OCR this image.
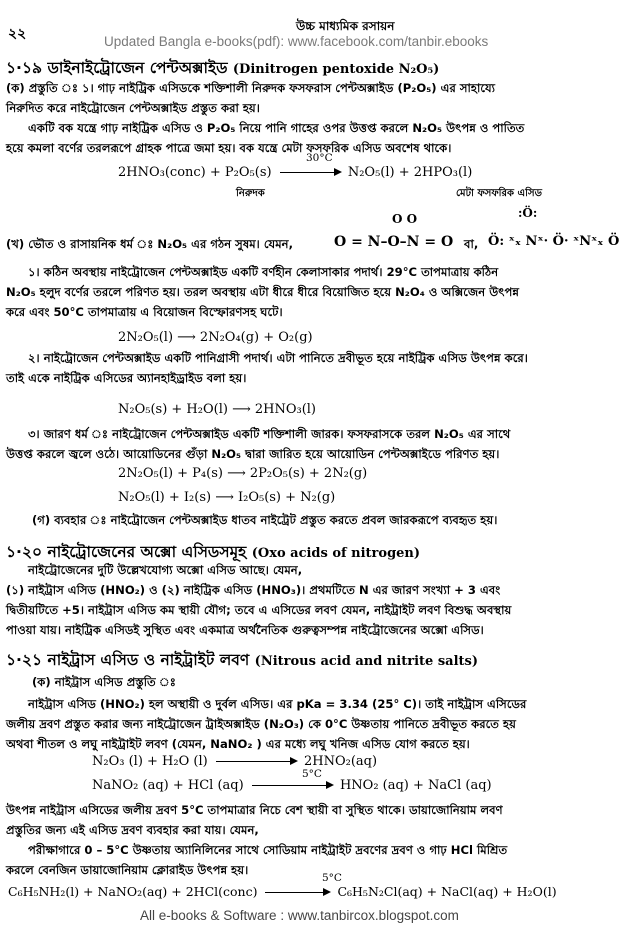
২২	উচ্চ মাধ্যমিক রসায়ন
Updated Bangla e-books(pdf): www.facebook.com/tanbir.ebooks
১·১৯ ডাইনাইট্রোজেন পেন্টঅক্সাইড (Dinitrogen pentoxide N₂O₅)
(ক) প্রস্তুতি ঃ ১। গাঢ় নাইট্রিক এসিডকে শক্তিশালী নিরুদক ফসফরাস পেন্টঅক্সাইড (P₂O₅) এর সাহায্যে
নিরুদিত করে নাইট্রোজেন পেন্টঅক্সাইড প্রস্তুত করা হয়।
একটি বক যন্ত্রে গাঢ় নাইট্রিক এসিড ও P₂O₅ নিয়ে পানি গাহের ওপর উত্তপ্ত করলে N₂O₅ উৎপন্ন ও পাতিত
হয়ে কমলা বর্ণের তরলরূপে গ্রাহক পাত্রে জমা হয়। বক যন্ত্রে মেটা ফসফরিক এসিড অবশেষ থাকে।
2HNO₃(conc) + P₂O₅(s)	N₂O₅(l) + 2HPO₃(l)
30°C
নিরুদক	মেটা ফসফরিক এসিড
O O	:Ö:
(খ) ভৌত ও রাসায়নিক ধর্ম ঃ N₂O₅ এর গঠন সুষম। যেমন,	O = N–O–N = O বা, Ö: ˣₓ Nˣ· Ö· ˣNˣₓ Ö
১। কঠিন অবস্থায় নাইট্রোজেন পেন্টঅক্সাইড একটি বর্ণহীন কেলাসাকার পদার্থ। 29°C তাপমাত্রায় কঠিন
N₂O₅ হলুদ বর্ণের তরলে পরিণত হয়। তরল অবস্থায় এটা ধীরে ধীরে বিয়োজিত হয়ে N₂O₄ ও অক্সিজেন উৎপন্ন
করে এবং 50°C তাপমাত্রায় এ বিয়োজন বিস্ফোরণসহ ঘটে।
2N₂O₅(l) ⟶ 2N₂O₄(g) + O₂(g)
২। নাইট্রোজেন পেন্টঅক্সাইড একটি পানিগ্রাসী পদার্থ। এটা পানিতে দ্রবীভূত হয়ে নাইট্রিক এসিড উৎপন্ন করে।
তাই একে নাইট্রিক এসিডের অ্যানহাইড্রাইড বলা হয়।
N₂O₅(s) + H₂O(l) ⟶ 2HNO₃(l)
৩। জারণ ধর্ম ঃ নাইট্রোজেন পেন্টঅক্সাইড একটি শক্তিশালী জারক। ফসফরাসকে তরল N₂O₅ এর সাথে
উত্তপ্ত করলে জ্বলে ওঠে। আয়োডিনের গুঁড়া N₂O₅ দ্বারা জারিত হয়ে আয়োডিন পেন্টঅক্সাইডে পরিণত হয়।
2N₂O₅(l) + P₄(s) ⟶ 2P₂O₅(s) + 2N₂(g)
N₂O₅(l) + I₂(s) ⟶ I₂O₅(s) + N₂(g)
(গ) ব্যবহার ঃ নাইট্রোজেন পেন্টঅক্সাইড ধাতব নাইট্রেট প্রস্তুত করতে প্রবল জারকরূপে ব্যবহৃত হয়।
১·২০ নাইট্রোজেনের অক্সো এসিডসমূহ (Oxo acids of nitrogen)
নাইট্রোজেনের দুটি উল্লেখযোগ্য অক্সো এসিড আছে। যেমন,
(১) নাইট্রাস এসিড (HNO₂) ও (২) নাইট্রিক এসিড (HNO₃)। প্রথমটিতে N এর জারণ সংখ্যা + 3 এবং
দ্বিতীয়টিতে +5। নাইট্রাস এসিড কম স্থায়ী যৌগ; তবে এ এসিডের লবণ যেমন, নাইট্রাইট লবণ বিশুদ্ধ অবস্থায়
পাওয়া যায়। নাইট্রিক এসিডই সুস্থিত এবং একমাত্র অর্থনৈতিক গুরুত্বসম্পন্ন নাইট্রোজেনের অক্সো এসিড।
১·২১ নাইট্রাস এসিড ও নাইট্রাইট লবণ (Nitrous acid and nitrite salts)
(ক) নাইট্রাস এসিড প্রস্তুতি ঃ
নাইট্রাস এসিড (HNO₂) হল অস্থায়ী ও দুর্বল এসিড। এর pKa = 3.34 (25° C)। তাই নাইট্রাস এসিডের
জলীয় দ্রবণ প্রস্তুত করার জন্য নাইট্রোজেন ট্রাইঅক্সাইড (N₂O₃) কে 0°C উষ্ণতায় পানিতে দ্রবীভূত করতে হয়
অথবা শীতল ও লঘু নাইট্রাইট লবণ (যেমন, NaNO₂ ) এর মধ্যে লঘু খনিজ এসিড যোগ করতে হয়।
N₂O₃ (l) + H₂O (l)	2HNO₂(aq)
NaNO₂ (aq) + HCl (aq)	HNO₂ (aq) + NaCl (aq)
5°C
উৎপন্ন নাইট্রাস এসিডের জলীয় দ্রবণ 5°C তাপমাত্রার নিচে বেশ স্থায়ী বা সুস্থিত থাকে। ডায়াজোনিয়াম লবণ
প্রস্তুতির জন্য এই এসিড দ্রবণ ব্যবহার করা যায়। যেমন,
পরীক্ষাগারে 0 – 5°C উষ্ণতায় অ্যানিলিনের সাথে সোডিয়াম নাইট্রাইট দ্রবণের দ্রবণ ও গাঢ় HCl মিশ্রিত
করলে বেনজিন ডায়াজোনিয়াম ক্লোরাইড উৎপন্ন হয়।
C₆H₅NH₂(l) + NaNO₂(aq) + 2HCl(conc)	C₆H₅N₂Cl(aq) + NaCl(aq) + H₂O(l)
5°C
All e-books & Software : www.tanbircox.blogspot.com
